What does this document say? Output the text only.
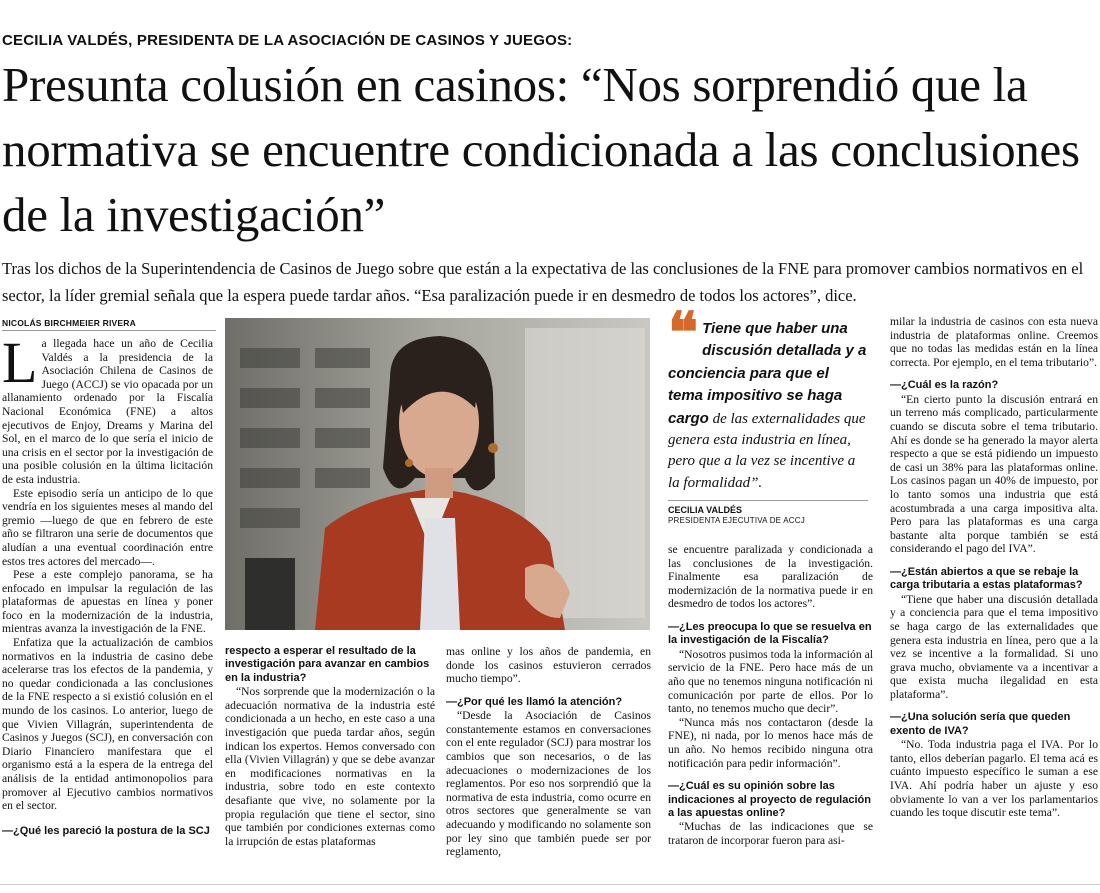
CECILIA VALDÉS, PRESIDENTA DE LA ASOCIACIÓN DE CASINOS Y JUEGOS:
Presunta colusión en casinos: “Nos sorprendió que la normativa se encuentre condicionada a las conclusiones de la investigación”

Tras los dichos de la Superintendencia de Casinos de Juego sobre que están a la expectativa de las conclusiones de la FNE para promover cambios normativos en el sector, la líder gremial señala que la espera puede tardar años. “Esa paralización puede ir en desmedro de todos los actores”, dice.

NICOLÁS BIRCHMEIER RIVERA

La llegada hace un año de Cecilia Valdés a la presidencia de la Asociación Chilena de Casinos de Juego (ACCJ) se vio opacada por un allanamiento ordenado por la Fiscalía Nacional Económica (FNE) a altos ejecutivos de Enjoy, Dreams y Marina del Sol, en el marco de lo que sería el inicio de una crisis en el sector por la investigación de una posible colusión en la última licitación de esta industria.

Este episodio sería un anticipo de lo que vendría en los siguientes meses al mando del gremio —luego de que en febrero de este año se filtraron una serie de documentos que aludían a una eventual coordinación entre estos tres actores del mercado—.

Pese a este complejo panorama, se ha enfocado en impulsar la regulación de las plataformas de apuestas en línea y poner foco en la modernización de la industria, mientras avanza la investigación de la FNE.

Enfatiza que la actualización de cambios normativos en la industria de casino debe acelerarse tras los efectos de la pandemia, y no quedar condicionada a las conclusiones de la FNE respecto a si existió colusión en el mundo de los casinos. Lo anterior, luego de que Vivien Villagrán, superintendenta de Casinos y Juegos (SCJ), en conversación con Diario Financiero manifestara que el organismo está a la espera de la entrega del análisis de la entidad antimonopolios para promover al Ejecutivo cambios normativos en el sector.

—¿Qué les pareció la postura de la SCJ

respecto a esperar el resultado de la investigación para avanzar en cambios en la industria?

“Nos sorprende que la modernización o la adecuación normativa de la industria esté condicionada a un hecho, en este caso a una investigación que pueda tardar años, según indican los expertos. Hemos conversado con ella (Vivien Villagrán) y que se debe avanzar en modificaciones normativas en la industria, sobre todo en este contexto desafiante que vive, no solamente por la propia regulación que tiene el sector, sino que también por condiciones externas como la irrupción de estas plataformas

mas online y los años de pandemia, en donde los casinos estuvieron cerrados mucho tiempo”.

—¿Por qué les llamó la atención?

“Desde la Asociación de Casinos constantemente estamos en conversaciones con el ente regulador (SCJ) para mostrar los cambios que son necesarios, o de las adecuaciones o modernizaciones de los reglamentos. Por eso nos sorprendió que la normativa de esta industria, como ocurre en otros sectores que generalmente se van adecuando y modificando no solamente son por ley sino que también puede ser por reglamento,

❝ Tiene que haber una discusión detallada y a conciencia para que el tema impositivo se haga cargo de las externalidades que genera esta industria en línea, pero que a la vez se incentive a la formalidad”.

CECILIA VALDÉS
PRESIDENTA EJECUTIVA DE ACCJ

se encuentre paralizada y condicionada a las conclusiones de la investigación. Finalmente esa paralización de modernización de la normativa puede ir en desmedro de todos los actores”.

—¿Les preocupa lo que se resuelva en la investigación de la Fiscalía?

“Nosotros pusimos toda la información al servicio de la FNE. Pero hace más de un año que no tenemos ninguna notificación ni comunicación por parte de ellos. Por lo tanto, no tenemos mucho que decir”.

“Nunca más nos contactaron (desde la FNE), ni nada, por lo menos hace más de un año. No hemos recibido ninguna otra notificación para pedir información”.

—¿Cuál es su opinión sobre las indicaciones al proyecto de regulación a las apuestas online?

“Muchas de las indicaciones que se trataron de incorporar fueron para asi-

milar la industria de casinos con esta nueva industria de plataformas online. Creemos que no todas las medidas están en la línea correcta. Por ejemplo, en el tema tributario”.

—¿Cuál es la razón?

“En cierto punto la discusión entrará en un terreno más complicado, particularmente cuando se discuta sobre el tema tributario. Ahí es donde se ha generado la mayor alerta respecto a que se está pidiendo un impuesto de casi un 38% para las plataformas online. Los casinos pagan un 40% de impuesto, por lo tanto somos una industria que está acostumbrada a una carga impositiva alta. Pero para las plataformas es una carga bastante alta porque también se está considerando el pago del IVA”.

—¿Están abiertos a que se rebaje la carga tributaria a estas plataformas?

“Tiene que haber una discusión detallada y a conciencia para que el tema impositivo se haga cargo de las externalidades que genera esta industria en línea, pero que a la vez se incentive a la formalidad. Si uno grava mucho, obviamente va a incentivar a que exista mucha ilegalidad en esta plataforma”.

—¿Una solución sería que queden exento de IVA?

“No. Toda industria paga el IVA. Por lo tanto, ellos deberían pagarlo. El tema acá es cuánto impuesto específico le suman a ese IVA. Ahí podría haber un ajuste y eso obviamente lo van a ver los parlamentarios cuando les toque discutir este tema”.
